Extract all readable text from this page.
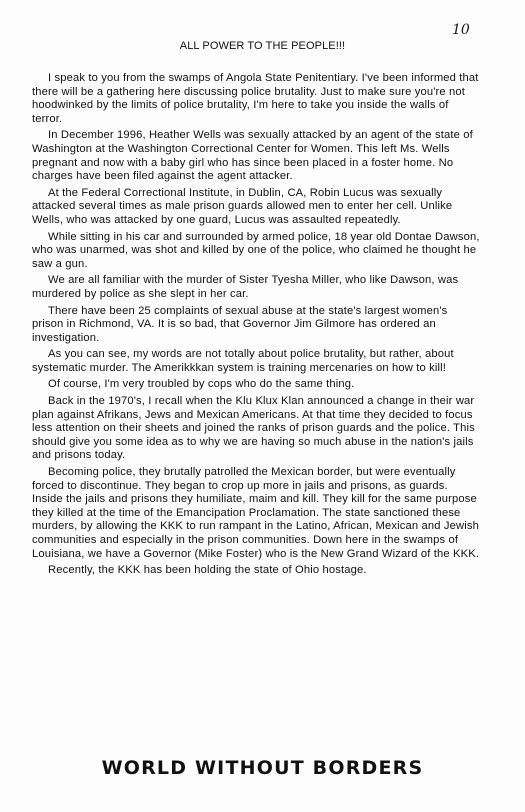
10
ALL POWER TO THE PEOPLE!!!

I speak to you from the swamps of Angola State Penitentiary. I've been informed that there will be a gathering here discussing police brutality. Just to make sure you're not hoodwinked by the limits of police brutality, I'm here to take you inside the walls of terror.

In December 1996, Heather Wells was sexually attacked by an agent of the state of Washington at the Washington Correctional Center for Women. This left Ms. Wells pregnant and now with a baby girl who has since been placed in a foster home. No charges have been filed against the agent attacker.

At the Federal Correctional Institute, in Dublin, CA, Robin Lucus was sexually attacked several times as male prison guards allowed men to enter her cell. Unlike Wells, who was attacked by one guard, Lucus was assaulted repeatedly.

While sitting in his car and surrounded by armed police, 18 year old Dontae Dawson, who was unarmed, was shot and killed by one of the police, who claimed he thought he saw a gun.

We are all familiar with the murder of Sister Tyesha Miller, who like Dawson, was murdered by police as she slept in her car.

There have been 25 complaints of sexual abuse at the state's largest women's prison in Richmond, VA. It is so bad, that Governor Jim Gilmore has ordered an investigation.

As you can see, my words are not totally about police brutality, but rather, about systematic murder. The Amerikkkan system is training mercenaries on how to kill!

Of course, I'm very troubled by cops who do the same thing.

Back in the 1970's, I recall when the Klu Klux Klan announced a change in their war plan against Afrikans, Jews and Mexican Americans. At that time they decided to focus less attention on their sheets and joined the ranks of prison guards and the police. This should give you some idea as to why we are having so much abuse in the nation's jails and prisons today.

Becoming police, they brutally patrolled the Mexican border, but were eventually forced to discontinue. They began to crop up more in jails and prisons, as guards. Inside the jails and prisons they humiliate, maim and kill. They kill for the same purpose they killed at the time of the Emancipation Proclamation. The state sanctioned these murders, by allowing the KKK to run rampant in the Latino, African, Mexican and Jewish communities and especially in the prison communities. Down here in the swamps of Louisiana, we have a Governor (Mike Foster) who is the New Grand Wizard of the KKK.

Recently, the KKK has been holding the state of Ohio hostage.

WORLD WITHOUT BORDERS
